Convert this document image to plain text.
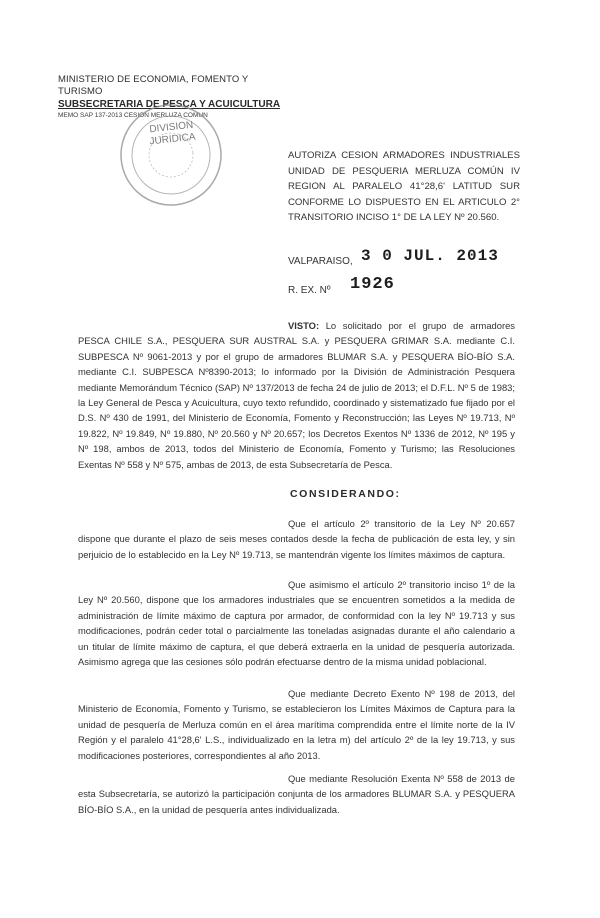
MINISTERIO DE ECONOMIA, FOMENTO Y TURISMO
SUBSECRETARIA DE PESCA Y ACUICULTURA
MEMO SAP 137-2013 CESION MERLUZA COMUN
DIVISION
JURIDICA
AUTORIZA CESION ARMADORES INDUSTRIALES UNIDAD DE PESQUERIA MERLUZA COMÚN IV REGION AL PARALELO 41°28,6' LATITUD SUR CONFORME LO DISPUESTO EN EL ARTICULO 2° TRANSITORIO INCISO 1° DE LA LEY Nº 20.560.
VALPARAISO, 3 0 JUL. 2013
R. EX. Nº 1926
VISTO: Lo solicitado por el grupo de armadores PESCA CHILE S.A., PESQUERA SUR AUSTRAL S.A. y PESQUERA GRIMAR S.A. mediante C.I. SUBPESCA Nº 9061-2013 y por el grupo de armadores BLUMAR S.A. y PESQUERA BÍO-BÍO S.A. mediante C.I. SUBPESCA Nº8390-2013; lo informado por la División de Administración Pesquera mediante Memorándum Técnico (SAP) Nº 137/2013 de fecha 24 de julio de 2013; el D.F.L. Nº 5 de 1983; la Ley General de Pesca y Acuicultura, cuyo texto refundido, coordinado y sistematizado fue fijado por el D.S. Nº 430 de 1991, del Ministerio de Economía, Fomento y Reconstrucción; las Leyes Nº 19.713, Nº 19.822, Nº 19.849, Nº 19.880, Nº 20.560 y Nº 20.657; los Decretos Exentos Nº 1336 de 2012, Nº 195 y Nº 198, ambos de 2013, todos del Ministerio de Economía, Fomento y Turismo; las Resoluciones Exentas Nº 558 y Nº 575, ambas de 2013, de esta Subsecretaría de Pesca.
CONSIDERANDO:
Que el artículo 2º transitorio de la Ley Nº 20.657 dispone que durante el plazo de seis meses contados desde la fecha de publicación de esta ley, y sin perjuicio de lo establecido en la Ley Nº 19.713, se mantendrán vigente los límites máximos de captura.
Que asimismo el artículo 2º transitorio inciso 1º de la Ley Nº 20.560, dispone que los armadores industriales que se encuentren sometidos a la medida de administración de límite máximo de captura por armador, de conformidad con la ley Nº 19.713 y sus modificaciones, podrán ceder total o parcialmente las toneladas asignadas durante el año calendario a un titular de límite máximo de captura, el que deberá extraerla en la unidad de pesquería autorizada. Asimismo agrega que las cesiones sólo podrán efectuarse dentro de la misma unidad poblacional.
Que mediante Decreto Exento Nº 198 de 2013, del Ministerio de Economía, Fomento y Turismo, se establecieron los Límites Máximos de Captura para la unidad de pesquería de Merluza común en el área marítima comprendida entre el límite norte de la IV Región y el paralelo 41°28,6' L.S., individualizado en la letra m) del artículo 2º de la ley 19.713, y sus modificaciones posteriores, correspondientes al año 2013.
Que mediante Resolución Exenta Nº 558 de 2013 de esta Subsecretaría, se autorizó la participación conjunta de los armadores BLUMAR S.A. y PESQUERA BÍO-BÍO S.A., en la unidad de pesquería antes individualizada.
